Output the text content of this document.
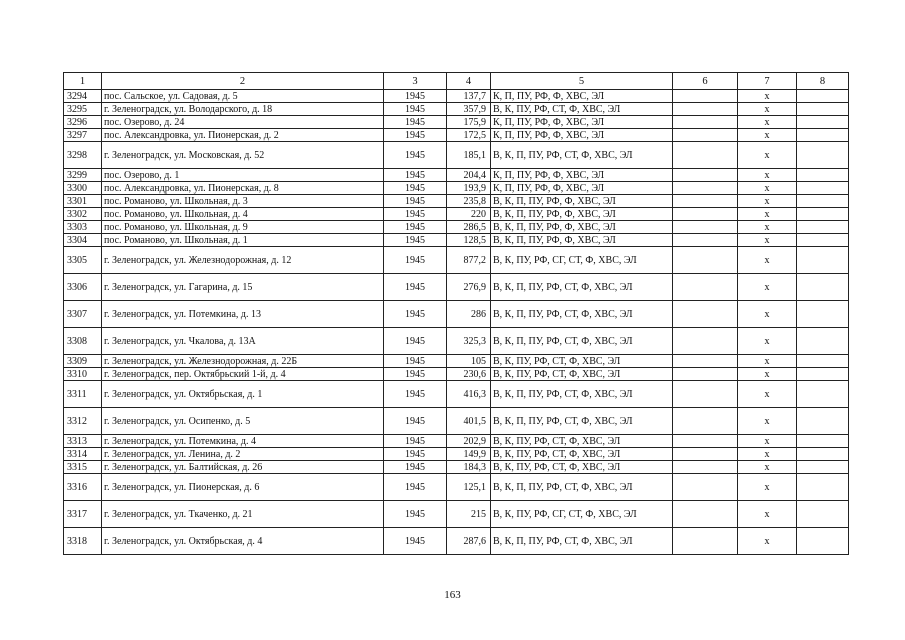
1	2	3	4	5	6	7	8
3294	пос. Сальское, ул. Садовая, д. 5	1945	137,7	К, П, ПУ, РФ, Ф, ХВС, ЭЛ		x	
3295	г. Зеленоградск, ул. Володарского, д. 18	1945	357,9	В, К, ПУ, РФ, СТ, Ф, ХВС, ЭЛ		x	
3296	пос. Озерово, д. 24	1945	175,9	К, П, ПУ, РФ, Ф, ХВС, ЭЛ		x	
3297	пос. Александровка, ул. Пионерская, д. 2	1945	172,5	К, П, ПУ, РФ, Ф, ХВС, ЭЛ		x	
3298	г. Зеленоградск, ул. Московская, д. 52	1945	185,1	В, К, П, ПУ, РФ, СТ, Ф, ХВС, ЭЛ		x	
3299	пос. Озерово, д. 1	1945	204,4	К, П, ПУ, РФ, Ф, ХВС, ЭЛ		x	
3300	пос. Александровка, ул. Пионерская, д. 8	1945	193,9	К, П, ПУ, РФ, Ф, ХВС, ЭЛ		x	
3301	пос. Романово, ул. Школьная, д. 3	1945	235,8	В, К, П, ПУ, РФ, Ф, ХВС, ЭЛ		x	
3302	пос. Романово, ул. Школьная, д. 4	1945	220	В, К, П, ПУ, РФ, Ф, ХВС, ЭЛ		x	
3303	пос. Романово, ул. Школьная, д. 9	1945	286,5	В, К, П, ПУ, РФ, Ф, ХВС, ЭЛ		x	
3304	пос. Романово, ул. Школьная, д. 1	1945	128,5	В, К, П, ПУ, РФ, Ф, ХВС, ЭЛ		x	
3305	г. Зеленоградск, ул. Железнодорожная, д. 12	1945	877,2	В, К, ПУ, РФ, СГ, СТ, Ф, ХВС, ЭЛ		x	
3306	г. Зеленоградск, ул. Гагарина, д. 15	1945	276,9	В, К, П, ПУ, РФ, СТ, Ф, ХВС, ЭЛ		x	
3307	г. Зеленоградск, ул. Потемкина, д. 13	1945	286	В, К, П, ПУ, РФ, СТ, Ф, ХВС, ЭЛ		x	
3308	г. Зеленоградск, ул. Чкалова, д. 13А	1945	325,3	В, К, П, ПУ, РФ, СТ, Ф, ХВС, ЭЛ		x	
3309	г. Зеленоградск, ул. Железнодорожная, д. 22Б	1945	105	В, К, ПУ, РФ, СТ, Ф, ХВС, ЭЛ		x	
3310	г. Зеленоградск, пер. Октябрьский 1-й, д. 4	1945	230,6	В, К, ПУ, РФ, СТ, Ф, ХВС, ЭЛ		x	
3311	г. Зеленоградск, ул. Октябрьская, д. 1	1945	416,3	В, К, П, ПУ, РФ, СТ, Ф, ХВС, ЭЛ		x	
3312	г. Зеленоградск, ул. Осипенко, д. 5	1945	401,5	В, К, П, ПУ, РФ, СТ, Ф, ХВС, ЭЛ		x	
3313	г. Зеленоградск, ул. Потемкина, д. 4	1945	202,9	В, К, ПУ, РФ, СТ, Ф, ХВС, ЭЛ		x	
3314	г. Зеленоградск, ул. Ленина, д. 2	1945	149,9	В, К, ПУ, РФ, СТ, Ф, ХВС, ЭЛ		x	
3315	г. Зеленоградск, ул. Балтийская, д. 26	1945	184,3	В, К, ПУ, РФ, СТ, Ф, ХВС, ЭЛ		x	
3316	г. Зеленоградск, ул. Пионерская, д. 6	1945	125,1	В, К, П, ПУ, РФ, СТ, Ф, ХВС, ЭЛ		x	
3317	г. Зеленоградск, ул. Ткаченко, д. 21	1945	215	В, К, ПУ, РФ, СГ, СТ, Ф, ХВС, ЭЛ		x	
3318	г. Зеленоградск, ул. Октябрьская, д. 4	1945	287,6	В, К, П, ПУ, РФ, СТ, Ф, ХВС, ЭЛ		x	
163
